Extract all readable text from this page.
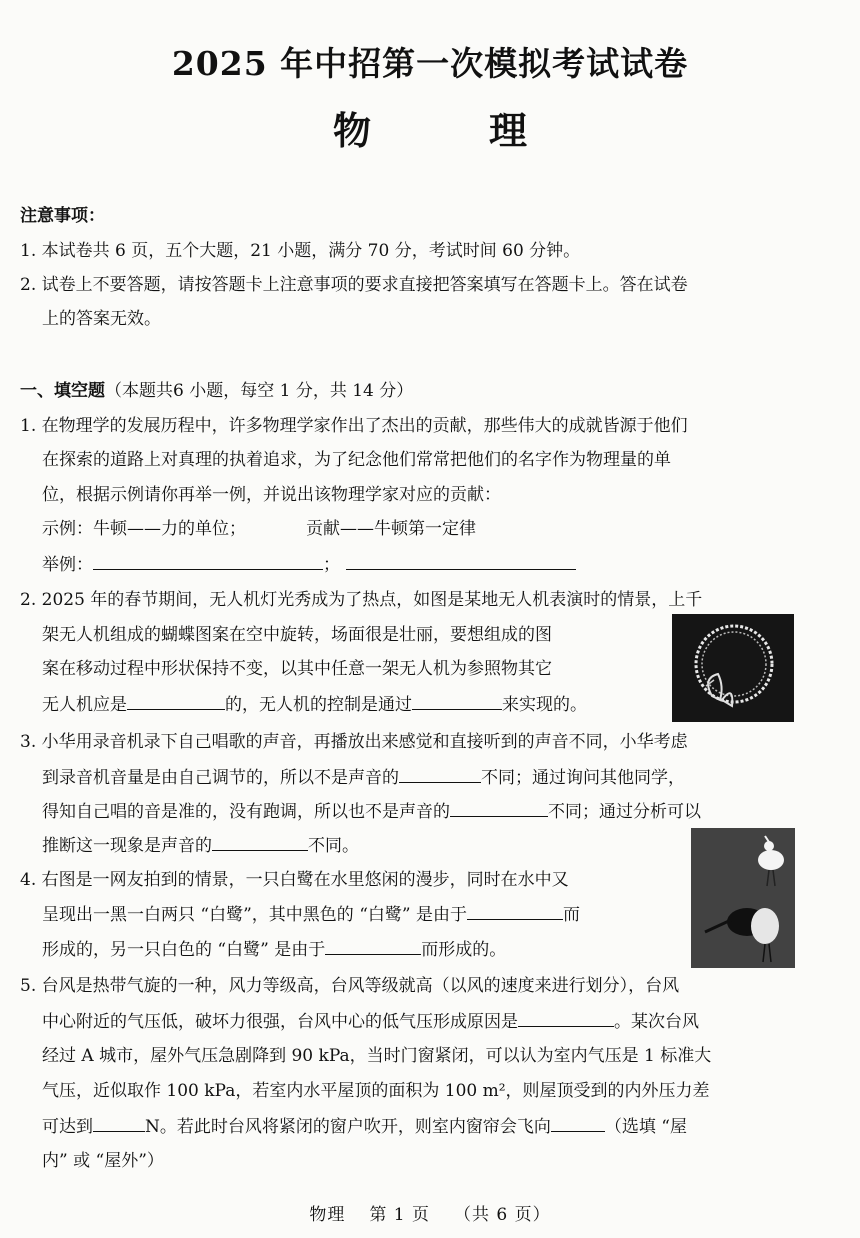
2025 年中招第一次模拟考试试卷
物　理
注意事项：
1. 本试卷共 6 页，五个大题，21 小题，满分 70 分，考试时间 60 分钟。
2. 试卷上不要答题，请按答题卡上注意事项的要求直接把答案填写在答题卡上。答在试卷
上的答案无效。
一、填空题（本题共6 小题，每空 1 分，共 14 分）
1. 在物理学的发展历程中，许多物理学家作出了杰出的贡献，那些伟大的成就皆源于他们
在探索的道路上对真理的执着追求，为了纪念他们常常把他们的名字作为物理量的单
位，根据示例请你再举一例，并说出该物理学家对应的贡献：
示例：牛顿——力的单位；	贡献——牛顿第一定律
举例：	；
2. 2025 年的春节期间，无人机灯光秀成为了热点，如图是某地无人机表演时的情景，上千
架无人机组成的蝴蝶图案在空中旋转，场面很是壮丽，要想组成的图
案在移动过程中形状保持不变，以其中任意一架无人机为参照物其它
无人机应是	的，无人机的控制是通过	来实现的。
3. 小华用录音机录下自己唱歌的声音，再播放出来感觉和直接听到的声音不同，小华考虑
到录音机音量是由自己调节的，所以不是声音的	不同；通过询问其他同学，
得知自己唱的音是准的，没有跑调，所以也不是声音的	不同；通过分析可以
推断这一现象是声音的	不同。
4. 右图是一网友拍到的情景，一只白鹭在水里悠闲的漫步，同时在水中又
呈现出一黑一白两只 “白鹭”，其中黑色的 “白鹭” 是由于	而
形成的，另一只白色的 “白鹭” 是由于	而形成的。
5. 台风是热带气旋的一种，风力等级高，台风等级就高（以风的速度来进行划分），台风
中心附近的气压低，破坏力很强，台风中心的低气压形成原因是	。某次台风
经过 A 城市，屋外气压急剧降到 90 kPa，当时门窗紧闭，可以认为室内气压是 1 标准大
气压，近似取作 100 kPa，若室内水平屋顶的面积为 100 m²，则屋顶受到的内外压力差
可达到	N。若此时台风将紧闭的窗户吹开，则室内窗帘会飞向	（选填 “屋
内” 或 “屋外”）
物理 第 1 页 （共 6 页）
